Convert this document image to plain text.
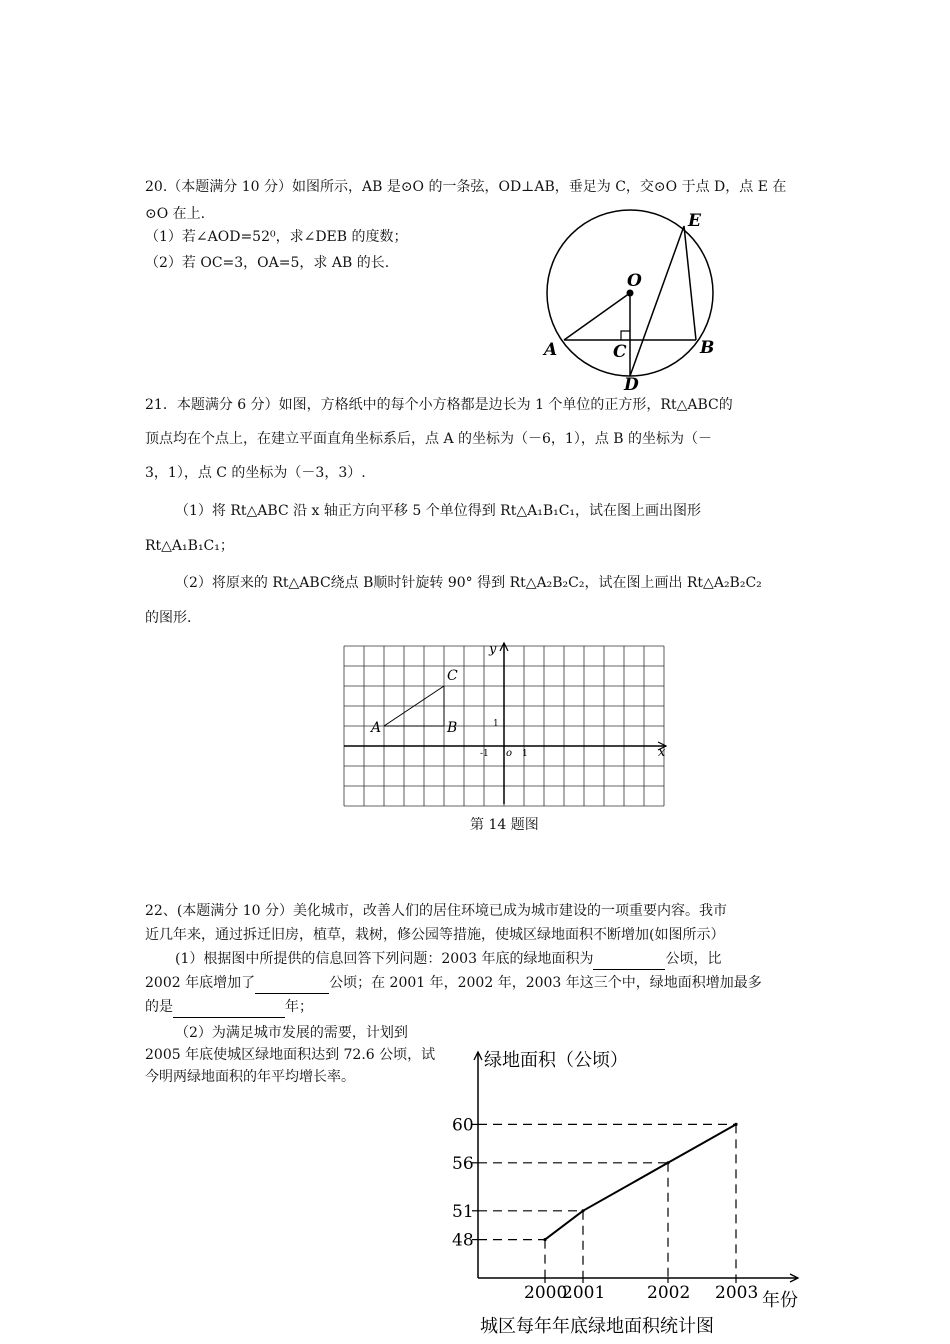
20.（本题满分 10 分）如图所示，AB 是⊙O 的一条弦，OD⊥AB，垂足为 C，交⊙O 于点 D，点 E 在
⊙O 在上.
（1）若∠AOD=52⁰，求∠DEB 的度数；
（2）若 OC=3，OA=5，求 AB 的长.
E
O
A	C	B
D
21．本题满分 6 分）如图，方格纸中的每个小方格都是边长为 1 个单位的正方形，Rt△ABC的
顶点均在个点上，在建立平面直角坐标系后，点 A 的坐标为（－6，1），点 B 的坐标为（－
3，1），点 C 的坐标为（－3，3）.
（1）将 Rt△ABC 沿 x 轴正方向平移 5 个单位得到 Rt△A₁B₁C₁，试在图上画出图形
Rt△A₁B₁C₁；
（2）将原来的 Rt△ABC绕点 B顺时针旋转 90° 得到 Rt△A₂B₂C₂，试在图上画出 Rt△A₂B₂C₂
的图形.
y
x
o
-1	1
1
A	B
C
第 14 题图
22、(本题满分 10 分）美化城市，改善人们的居住环境已成为城市建设的一项重要内容。我市
近几年来，通过拆迁旧房，植草，栽树，修公园等措施，使城区绿地面积不断增加(如图所示）
(1）根据图中所提供的信息回答下列问题：2003 年底的绿地面积为	公顷，比
2002 年底增加了	公顷；在 2001 年，2002 年，2003 年这三个中，绿地面积增加最多
的是	年；
（2）为满足城市发展的需要，计划到 2005 年底使城区绿地面积达到 72.6 公顷，试今明两绿地面积的年平均增长率。
绿地面积（公顷）
年份
城区每年年底绿地面积统计图
48
2000
51
2001
56
2002
60
2003
